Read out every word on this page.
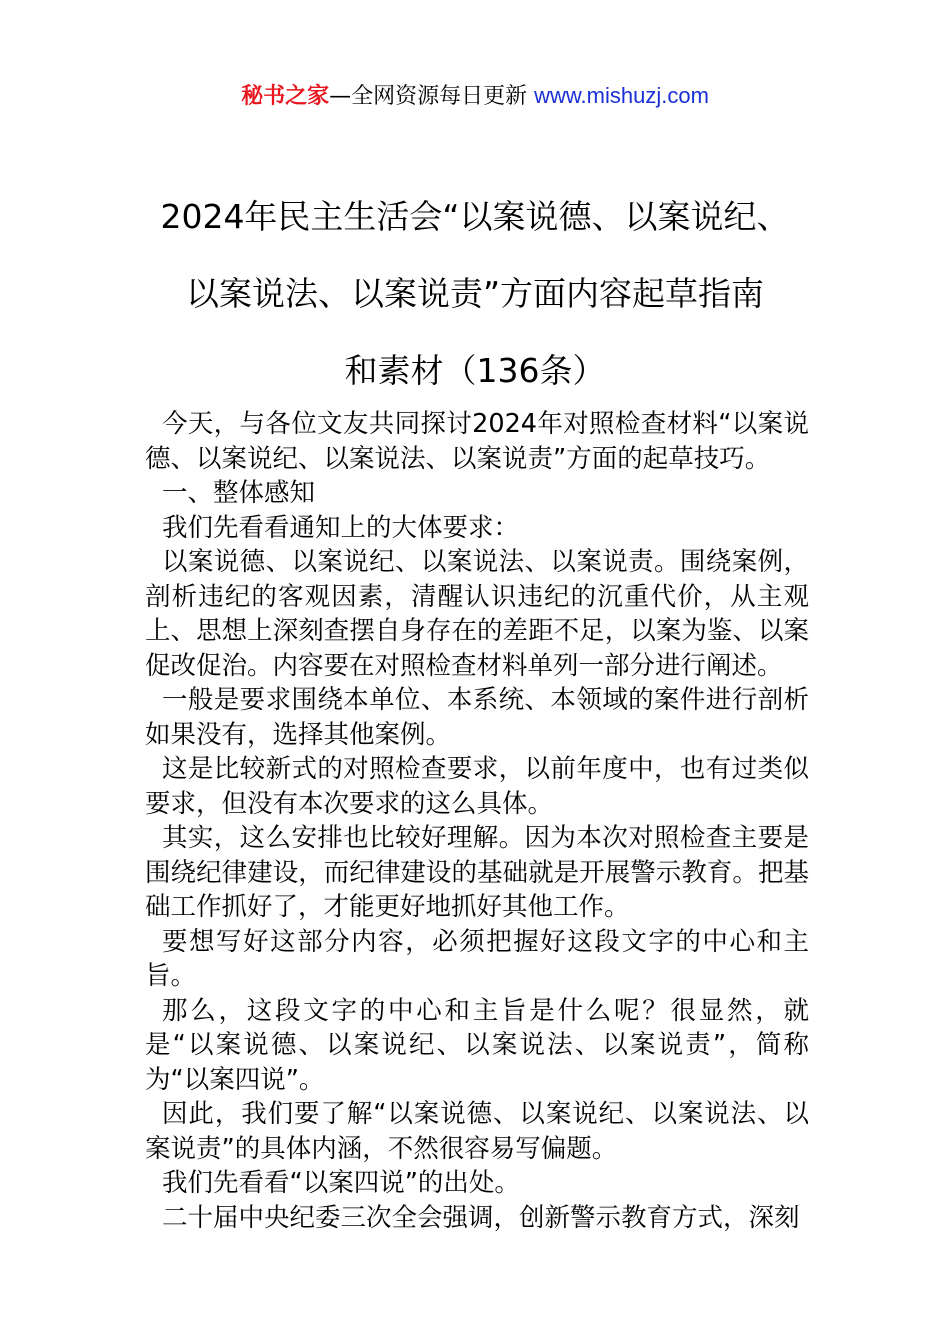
秘书之家—全网资源每日更新 www.mishuzj.com
2024年民主生活会“以案说德、以案说纪、
以案说法、以案说责”方面内容起草指南
和素材（136条）

今天，与各位文友共同探讨2024年对照检查材料“以案说德、以案说纪、以案说法、以案说责”方面的起草技巧。

一、整体感知

我们先看看通知上的大体要求：

以案说德、以案说纪、以案说法、以案说责。围绕案例，剖析违纪的客观因素，清醒认识违纪的沉重代价，从主观上、思想上深刻查摆自身存在的差距不足，以案为鉴、以案促改促治。内容要在对照检查材料单列一部分进行阐述。

一般是要求围绕本单位、本系统、本领域的案件进行剖析如果没有，选择其他案例。

这是比较新式的对照检查要求，以前年度中，也有过类似要求，但没有本次要求的这么具体。

其实，这么安排也比较好理解。因为本次对照检查主要是围绕纪律建设，而纪律建设的基础就是开展警示教育。把基础工作抓好了，才能更好地抓好其他工作。

要想写好这部分内容，必须把握好这段文字的中心和主旨。

那么，这段文字的中心和主旨是什么呢？很显然，就是“以案说德、以案说纪、以案说法、以案说责”，简称为“以案四说”。

因此，我们要了解“以案说德、以案说纪、以案说法、以案说责”的具体内涵，不然很容易写偏题。

我们先看看“以案四说”的出处。

二十届中央纪委三次全会强调，创新警示教育方式，深刻
